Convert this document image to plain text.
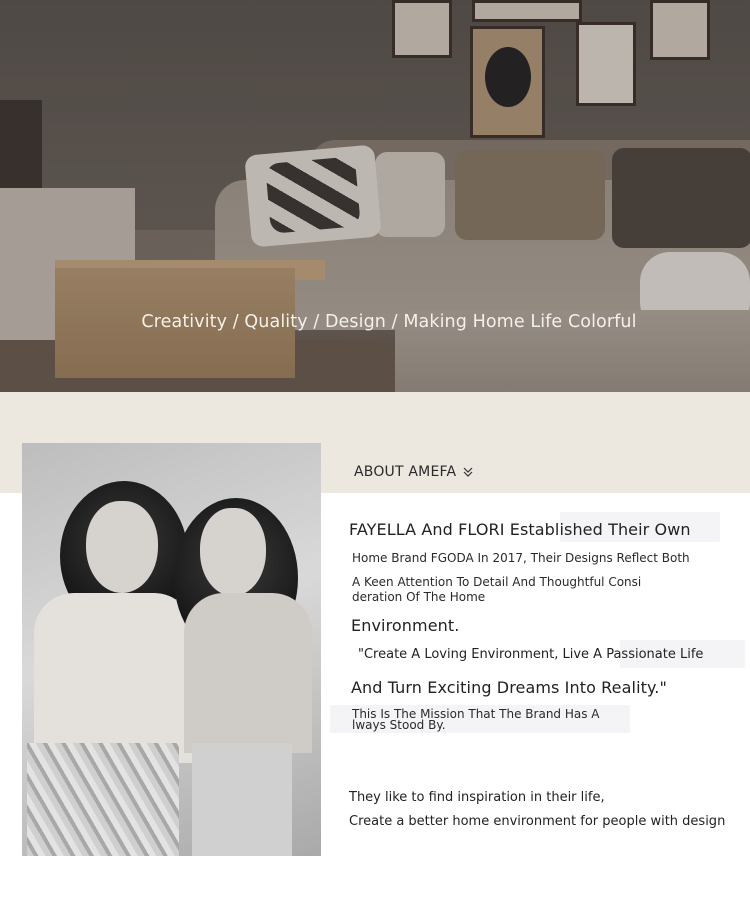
Creativity / Quality / Design / Making Home Life Colorful
ABOUT AMEFA
FAYELLA And FLORI Established Their Own
Home Brand FGODA In 2017, Their Designs Reflect Both
A Keen Attention To Detail And Thoughtful Consi
deration Of The Home
Environment.
"Create A Loving Environment, Live A Passionate Life
And Turn Exciting Dreams Into Reality."
This Is The Mission That The Brand Has A
lways Stood By.
They like to find inspiration in their life,
Create a better home environment for people with design
